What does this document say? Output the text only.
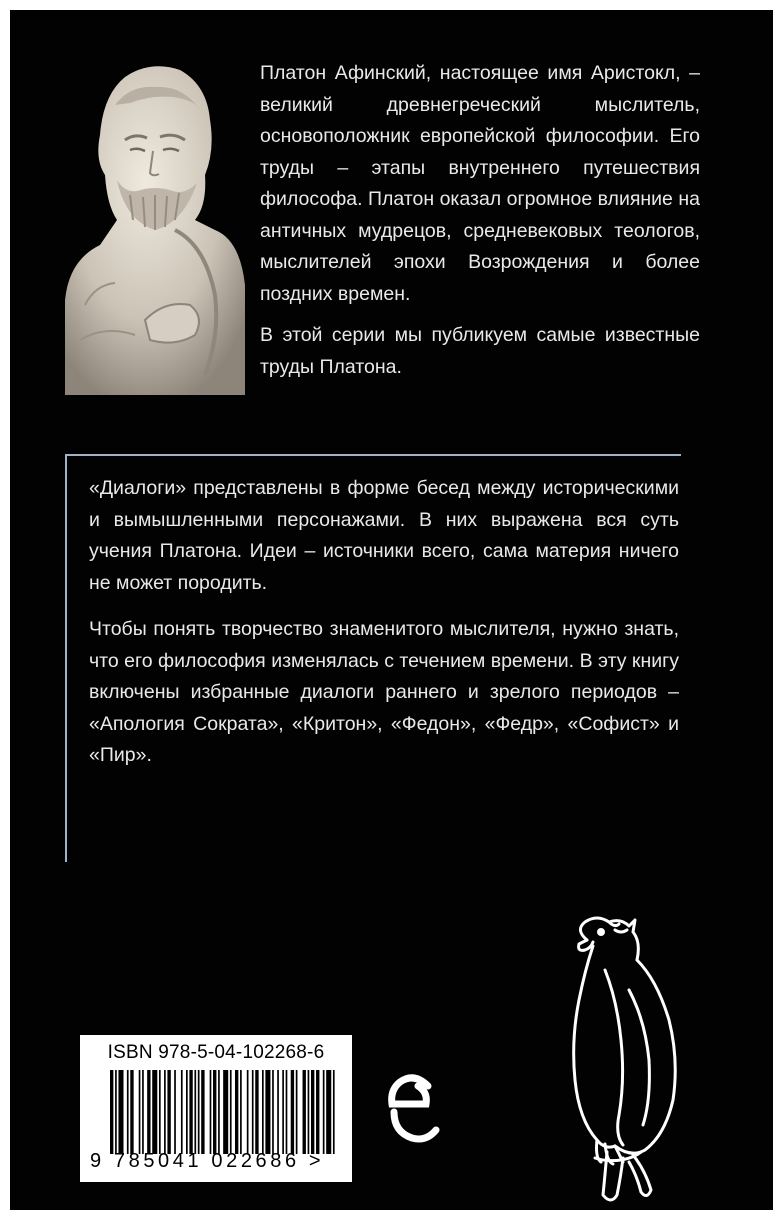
Платон Афинский, настоящее имя Аристокл, – великий древнегреческий мыслитель, основоположник европейской философии. Его труды – этапы внутреннего путешествия философа. Платон оказал огромное влияние на античных мудрецов, средневековых теологов, мыслителей эпохи Возрождения и более поздних времен.

В этой серии мы публикуем самые известные труды Платона.

«Диалоги» представлены в форме бесед между историческими и вымышленными персонажами. В них выражена вся суть учения Платона. Идеи – источники всего, сама материя ничего не может породить.

Чтобы понять творчество знаменитого мыслителя, нужно знать, что его философия изменялась с течением времени. В эту книгу включены избранные диалоги раннего и зрелого периодов – «Апология Сократа», «Критон», «Федон», «Федр», «Софист» и «Пир».

ISBN 978-5-04-102268-6
9 785041 022686 >
